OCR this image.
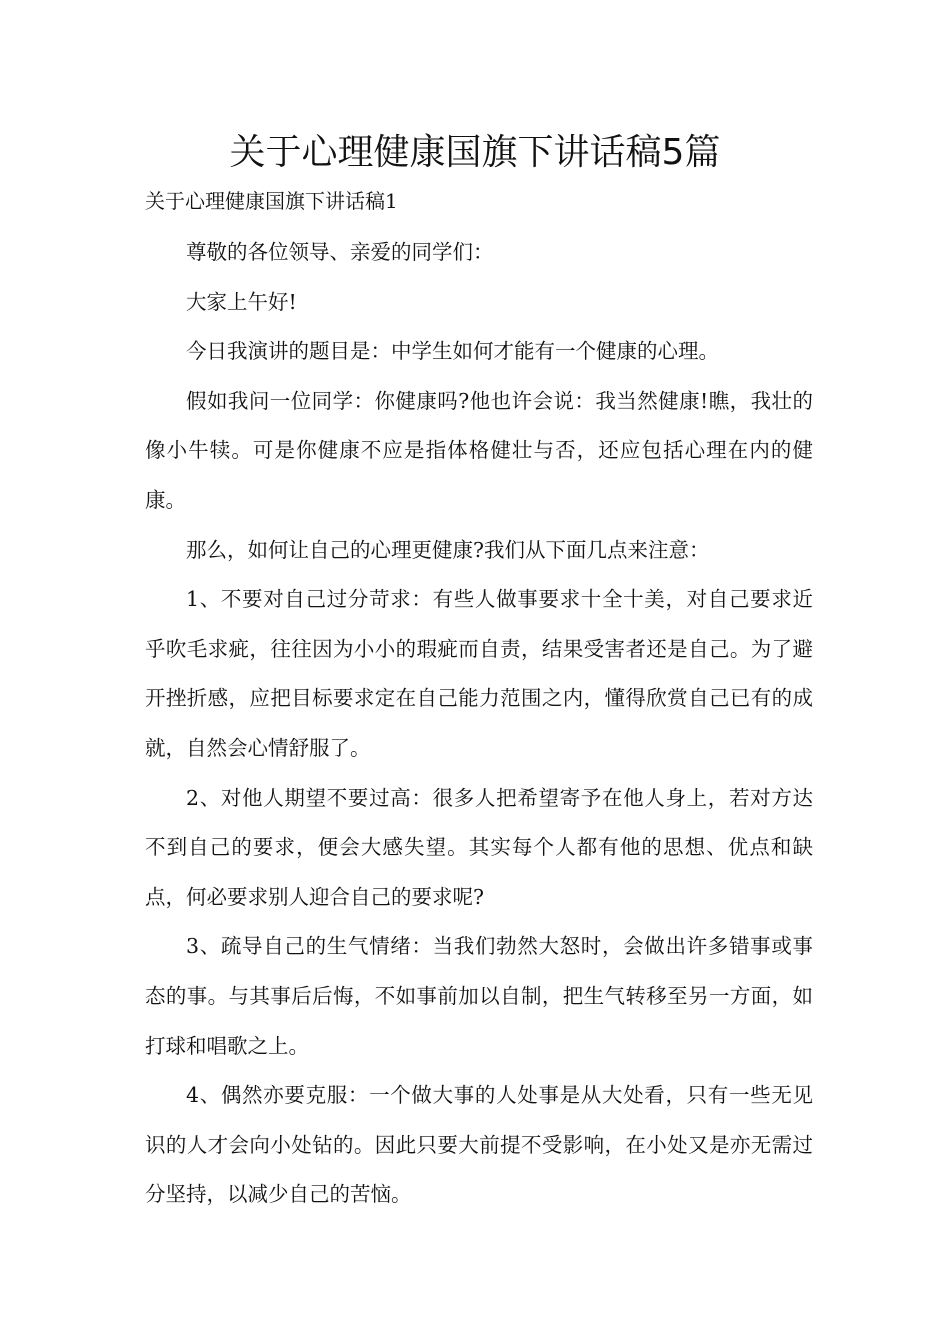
关于心理健康国旗下讲话稿5篇
关于心理健康国旗下讲话稿1

尊敬的各位领导、亲爱的同学们：

大家上午好!

今日我演讲的题目是：中学生如何才能有一个健康的心理。

假如我问一位同学：你健康吗?他也许会说：我当然健康!瞧，我壮的像小牛犊。可是你健康不应是指体格健壮与否，还应包括心理在内的健康。

那么，如何让自己的心理更健康?我们从下面几点来注意：

1、不要对自己过分苛求：有些人做事要求十全十美，对自己要求近乎吹毛求疵，往往因为小小的瑕疵而自责，结果受害者还是自己。为了避开挫折感，应把目标要求定在自己能力范围之内，懂得欣赏自己已有的成就，自然会心情舒服了。

2、对他人期望不要过高：很多人把希望寄予在他人身上，若对方达不到自己的要求，便会大感失望。其实每个人都有他的思想、优点和缺点，何必要求别人迎合自己的要求呢?

3、疏导自己的生气情绪：当我们勃然大怒时，会做出许多错事或事态的事。与其事后后悔，不如事前加以自制，把生气转移至另一方面，如打球和唱歌之上。

4、偶然亦要克服：一个做大事的人处事是从大处看，只有一些无见识的人才会向小处钻的。因此只要大前提不受影响，在小处又是亦无需过分坚持，以减少自己的苦恼。
